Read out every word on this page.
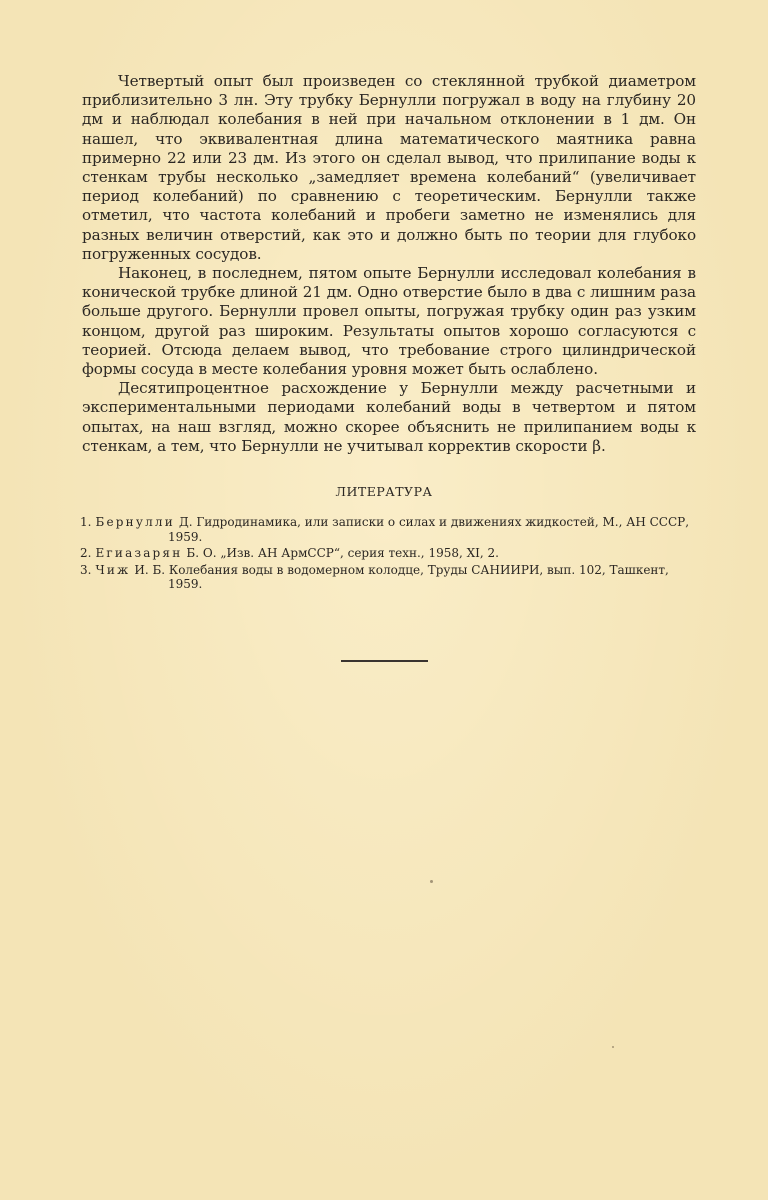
Четвертый опыт был произведен со стеклянной трубкой диаметром приблизительно 3 лн. Эту трубку Бернулли погружал в воду на глубину 20 дм и наблюдал колебания в ней при начальном отклонении в 1 дм. Он нашел, что эквивалентная длина математического маятника равна примерно 22 или 23 дм. Из этого он сделал вывод, что прилипание воды к стенкам трубы несколько „замедляет времена колебаний“ (увеличивает период колебаний) по сравнению с теоретическим. Бернулли также отметил, что частота колебаний и пробеги заметно не изменялись для разных величин отверстий, как это и должно быть по теории для глубоко погруженных сосудов.

Наконец, в последнем, пятом опыте Бернулли исследовал колебания в конической трубке длиной 21 дм. Одно отверстие было в два с лишним раза больше другого. Бернулли провел опыты, погружая трубку один раз узким концом, другой раз широким. Результаты опытов хорошо согласуются с теорией. Отсюда делаем вывод, что требование строго цилиндрической формы сосуда в месте колебания уровня может быть ослаблено.

Десятипроцентное расхождение у Бернулли между расчетными и экспериментальными периодами колебаний воды в четвертом и пятом опытах, на наш взгляд, можно скорее объяснить не прилипанием воды к стенкам, а тем, что Бернулли не учитывал корректив скорости β.

ЛИТЕРАТУРА
1. Бернулли Д. Гидродинамика, или записки о силах и движениях жидкостей, М., АН СССР, 1959.
2. Егиазарян Б. О. „Изв. АН АрмССР“, серия техн., 1958, XI, 2.
3. Чиж И. Б. Колебания воды в водомерном колодце, Труды САНИИРИ, вып. 102, Ташкент, 1959.
